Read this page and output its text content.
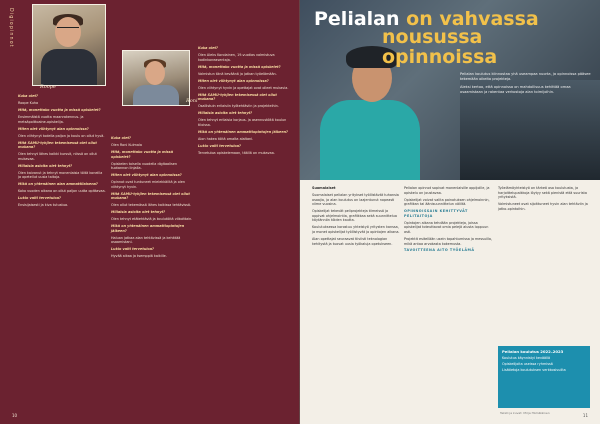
Digiopinnot
Roope
Roni

Kuka olet?

Roope Kuha

Mitä, monettako vuotta ja missä opiskelet?

Ensimmäistä vuotta maanrakennus- ja metsäpolttoaine-opiskelija.

Miten olet viihtynyt alan opinnoissa?

Olen viihtynyt todella paljon ja koulu on ollut hyvä.

Mitä SAMU-tyhjien tekemisessä olet ollut mukana?

Olen tehnyt lähes kaikki kurssit, niissä on ollut mukavaa.

Millaisia asioita olet tehnyt?

Olen kaivanut ja tehnyt monenlaisia töitä koneilla ja opetellut uusia taitoja.

Mikä on yhtenäinen alan ammattilaisena?

Koko vuoden aikana on ollut paljon uutta opittavaa.

Lukio vaiti tervetuloa?

Ensisijaisesti ja kiva tutustua.

Kuka olet?

Olen Roni Kulmala

Mitä, monettako vuotta ja missä opiskelet?

Opiskelen toisella vuodella digitaalisen tuotannon linjalla.

Miten olet viihtynyt alan opinnoissa?

Opinnot ovat tuntuneet mielekkäiltä ja olen viihtynyt hyvin.

Mitä SAMU-tyhjien tekemisessä olet ollut mukana?

Olen ollut tekemässä lähes kaikissa tehtävissä.

Millaisia asioita olet tehnyt?

Olen tehnyt etätehtäviä ja koulutöitä viikoittain.

Mikä on yhtenäinen ammattiopintojen jälkeen?

Haluan jatkaa alan tehtävissä ja kehittää osaamistani.

Lukio vaiti tervetuloa?

Hyvää aikaa ja tsemppiä kaikille.

Kuka olet?

Olen Aleks Korolainen, 19-vuotias valmistuva kodinkoneasentaja.

Mitä, monettako vuotta ja missä opiskelet?

Valmistun tänä keväänä ja jatkan työelämään.

Miten olet viihtynyt alan opinnoissa?

Olen viihtynyt hyvin ja opettajat ovat olleet mukavia.

Mitä SAMU-tyhjien tekemisessä olet ollut mukana?

Osallistuin erilaisiin työtehtäviin ja projekteihin.

Millaisia asioita olet tehnyt?

Olen tehnyt erilaisia korjaus- ja asennustöitä koulun tiloissa.

Mikä on yhtenäinen ammattiopintojen jälkeen?

Aion hakea töitä omalta alaltani.

Lukio vaiti tervetuloa?

Tervetuloa opiskelemaan, täällä on mukavaa.

10
Pelialan on vahvassa
nousussa opinnoissa

Pelialan koulutus kiinnostaa yhä useampaa nuorta, ja opinnoissa pääsee tekemään oikeita projekteja.

Aleksi kertoo, että opinnoissa on mahdollisuus kehittää omaa osaamistaan ja rakentaa verkostoja alan toimijoihin.

Suomalaiset

Suomalaiset pelialan yritykset työllistävät tuhansia osaajia, ja alan koulutus on laajentunut nopeasti viime vuosina.

Opiskelijat tekevät peliprojekteja tiimeissä ja oppivat ohjelmointia, grafiikkaa sekä suunnittelua käytännön töiden kautta.

Koulutuksessa korostuu yhteistyö yritysten kanssa, ja monet opiskelijat työllistyvät jo opintojen aikana.

Alan opettajat seuraavat tiiviisti teknologian kehitystä ja tuovat uusia työkaluja opetukseen.

Pelialan opinnot sopivat monenlaisille oppijoille, ja opiskelu on joustavaa.

Opiskelijat voivat valita painotuksen ohjelmoinnin, grafiikan tai äänisuunnittelun väliltä.

OPINNOISSAIN KEHITTYVÄT PELITAITOJA

Opintojen aikana tehdään projekteja, joissa opiskelijat toteuttavat omia pelejä alusta loppuun asti.

Projektit esitellään usein tapahtumissa ja messuilla, mikä antaa arvokasta kokemusta.

TAVOITTEENA AITO TYÖELÄMÄ

Työelämäyhteistyö on tärkeä osa koulutusta, ja harjoittelupaikkoja löytyy sekä pienistä että suurista yrityksistä.

Valmistuneet ovat sijoittuneet hyvin alan tehtäviin ja jatko-opintoihin.

Pelialan koulutus 2022–2023

Koulutus käynnistyi keväällä

Opiskelijoita useissa ryhmissä

Lisätietoja koulutuksen verkkosivuilta

Teksti ja kuvat: Mirja Hämäläinen	11
